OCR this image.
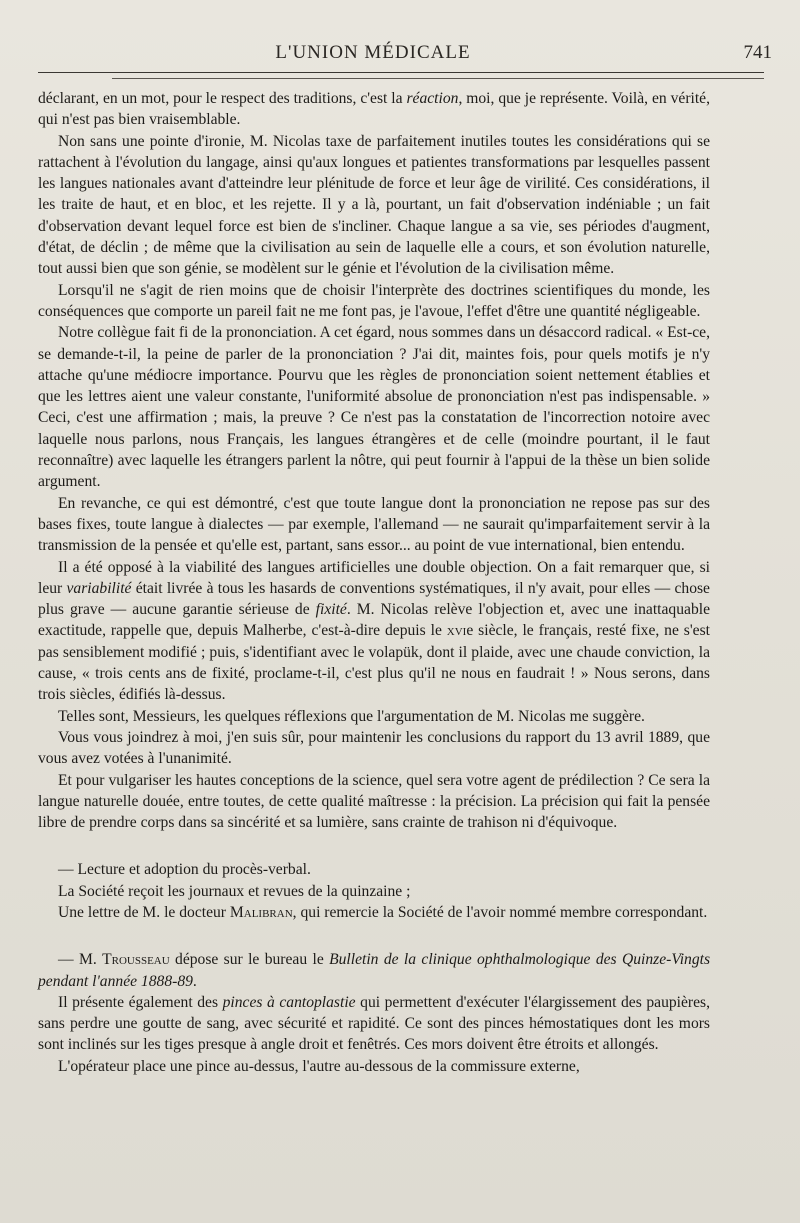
L'UNION MÉDICALE	741

déclarant, en un mot, pour le respect des traditions, c'est la réaction, moi, que je représente. Voilà, en vérité, qui n'est pas bien vraisemblable.

Non sans une pointe d'ironie, M. Nicolas taxe de parfaitement inutiles toutes les considérations qui se rattachent à l'évolution du langage, ainsi qu'aux longues et patientes transformations par lesquelles passent les langues nationales avant d'atteindre leur plénitude de force et leur âge de virilité. Ces considérations, il les traite de haut, et en bloc, et les rejette. Il y a là, pourtant, un fait d'observation indéniable ; un fait d'observation devant lequel force est bien de s'incliner. Chaque langue a sa vie, ses périodes d'augment, d'état, de déclin ; de même que la civilisation au sein de laquelle elle a cours, et son évolution naturelle, tout aussi bien que son génie, se modèlent sur le génie et l'évolution de la civilisation même.

Lorsqu'il ne s'agit de rien moins que de choisir l'interprète des doctrines scientifiques du monde, les conséquences que comporte un pareil fait ne me font pas, je l'avoue, l'effet d'être une quantité négligeable.

Notre collègue fait fi de la prononciation. A cet égard, nous sommes dans un désaccord radical. « Est-ce, se demande-t-il, la peine de parler de la prononciation ? J'ai dit, maintes fois, pour quels motifs je n'y attache qu'une médiocre importance. Pourvu que les règles de prononciation soient nettement établies et que les lettres aient une valeur constante, l'uniformité absolue de prononciation n'est pas indispensable. » Ceci, c'est une affirmation ; mais, la preuve ? Ce n'est pas la constatation de l'incorrection notoire avec laquelle nous parlons, nous Français, les langues étrangères et de celle (moindre pourtant, il le faut reconnaître) avec laquelle les étrangers parlent la nôtre, qui peut fournir à l'appui de la thèse un bien solide argument.

En revanche, ce qui est démontré, c'est que toute langue dont la prononciation ne repose pas sur des bases fixes, toute langue à dialectes — par exemple, l'allemand — ne saurait qu'imparfaitement servir à la transmission de la pensée et qu'elle est, partant, sans essor... au point de vue international, bien entendu.

Il a été opposé à la viabilité des langues artificielles une double objection. On a fait remarquer que, si leur variabilité était livrée à tous les hasards de conventions systématiques, il n'y avait, pour elles — chose plus grave — aucune garantie sérieuse de fixité. M. Nicolas relève l'objection et, avec une inattaquable exactitude, rappelle que, depuis Malherbe, c'est-à-dire depuis le xvie siècle, le français, resté fixe, ne s'est pas sensiblement modifié ; puis, s'identifiant avec le volapük, dont il plaide, avec une chaude conviction, la cause, « trois cents ans de fixité, proclame-t-il, c'est plus qu'il ne nous en faudrait ! » Nous serons, dans trois siècles, édifiés là-dessus.

Telles sont, Messieurs, les quelques réflexions que l'argumentation de M. Nicolas me suggère.

Vous vous joindrez à moi, j'en suis sûr, pour maintenir les conclusions du rapport du 13 avril 1889, que vous avez votées à l'unanimité.

Et pour vulgariser les hautes conceptions de la science, quel sera votre agent de prédilection ? Ce sera la langue naturelle douée, entre toutes, de cette qualité maîtresse : la précision. La précision qui fait la pensée libre de prendre corps dans sa sincérité et sa lumière, sans crainte de trahison ni d'équivoque.

— Lecture et adoption du procès-verbal.

La Société reçoit les journaux et revues de la quinzaine ;

Une lettre de M. le docteur Malibran, qui remercie la Société de l'avoir nommé membre correspondant.

— M. Trousseau dépose sur le bureau le Bulletin de la clinique ophthalmologique des Quinze-Vingts pendant l'année 1888-89.

Il présente également des pinces à cantoplastie qui permettent d'exécuter l'élargissement des paupières, sans perdre une goutte de sang, avec sécurité et rapidité. Ce sont des pinces hémostatiques dont les mors sont inclinés sur les tiges presque à angle droit et fenêtrés. Ces mors doivent être étroits et allongés.

L'opérateur place une pince au-dessus, l'autre au-dessous de la commissure externe,
